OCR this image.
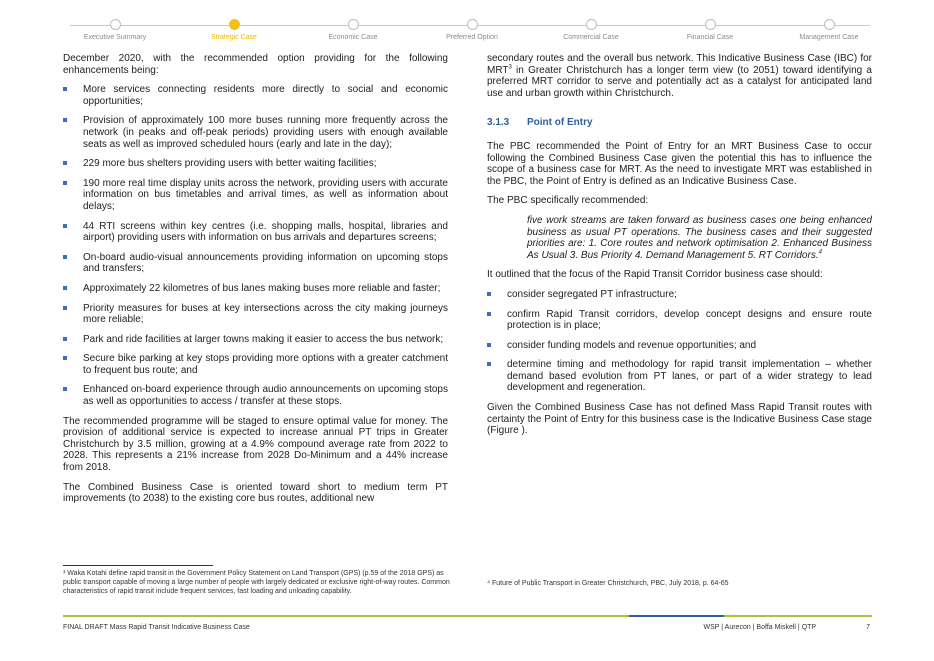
Executive Summary	Strategic Case	Economic Case	Preferred Option	Commercial Case	Financial Case	Management Case

December 2020, with the recommended option providing for the following enhancements being:

More services connecting residents more directly to social and economic opportunities;
Provision of approximately 100 more buses running more frequently across the network (in peaks and off-peak periods) providing users with enough available seats as well as improved scheduled hours (early and late in the day);
229 more bus shelters providing users with better waiting facilities;
190 more real time display units across the network, providing users with accurate information on bus timetables and arrival times, as well as information about delays;
44 RTI screens within key centres (i.e. shopping malls, hospital, libraries and airport) providing users with information on bus arrivals and departures screens;
On-board audio-visual announcements providing information on upcoming stops and transfers;
Approximately 22 kilometres of bus lanes making buses more reliable and faster;
Priority measures for buses at key intersections across the city making journeys more reliable;
Park and ride facilities at larger towns making it easier to access the bus network;
Secure bike parking at key stops providing more options with a greater catchment to frequent bus route; and
Enhanced on-board experience through audio announcements on upcoming stops as well as opportunities to access / transfer at these stops.

The recommended programme will be staged to ensure optimal value for money. The provision of additional service is expected to increase annual PT trips in Greater Christchurch by 3.5 million, growing at a 4.9% compound average rate from 2022 to 2028. This represents a 21% increase from 2028 Do-Minimum and a 44% increase from 2018.

The Combined Business Case is oriented toward short to medium term PT improvements (to 2038) to the existing core bus routes, additional new

³ Waka Kotahi define rapid transit in the Government Policy Statement on Land Transport (GPS) (p.59 of the 2018 GPS) as public transport capable of moving a large number of people with largely dedicated or exclusive right-of-way routes. Common characteristics of rapid transit include frequent services, fast loading and unloading capability.

secondary routes and the overall bus network. This Indicative Business Case (IBC) for MRT$^3$ in Greater Christchurch has a longer term view (to 2051) toward identifying a preferred MRT corridor to serve and potentially act as a catalyst for anticipated land use and urban growth within Christchurch.

3.1.3 Point of Entry

The PBC recommended the Point of Entry for an MRT Business Case to occur following the Combined Business Case given the potential this has to influence the scope of a business case for MRT. As the need to investigate MRT was established in the PBC, the Point of Entry is defined as an Indicative Business Case.

The PBC specifically recommended:

five work streams are taken forward as business cases one being enhanced business as usual PT operations. The business cases and their suggested priorities are: 1. Core routes and network optimisation 2. Enhanced Business As Usual 3. Bus Priority 4. Demand Management 5. RT Corridors.$^4$

It outlined that the focus of the Rapid Transit Corridor business case should:

consider segregated PT infrastructure;
confirm Rapid Transit corridors, develop concept designs and ensure route protection is in place;
consider funding models and revenue opportunities; and
determine timing and methodology for rapid transit implementation – whether demand based evolution from PT lanes, or part of a wider strategy to lead development and regeneration.

Given the Combined Business Case has not defined Mass Rapid Transit routes with certainty the Point of Entry for this business case is the Indicative Business Case stage (Figure ).

⁴ Future of Public Transport in Greater Christchurch, PBC, July 2018, p. 64-65
FINAL DRAFT Mass Rapid Transit Indicative Business Case	WSP | Aurecon | Boffa Miskell | QTP	7
